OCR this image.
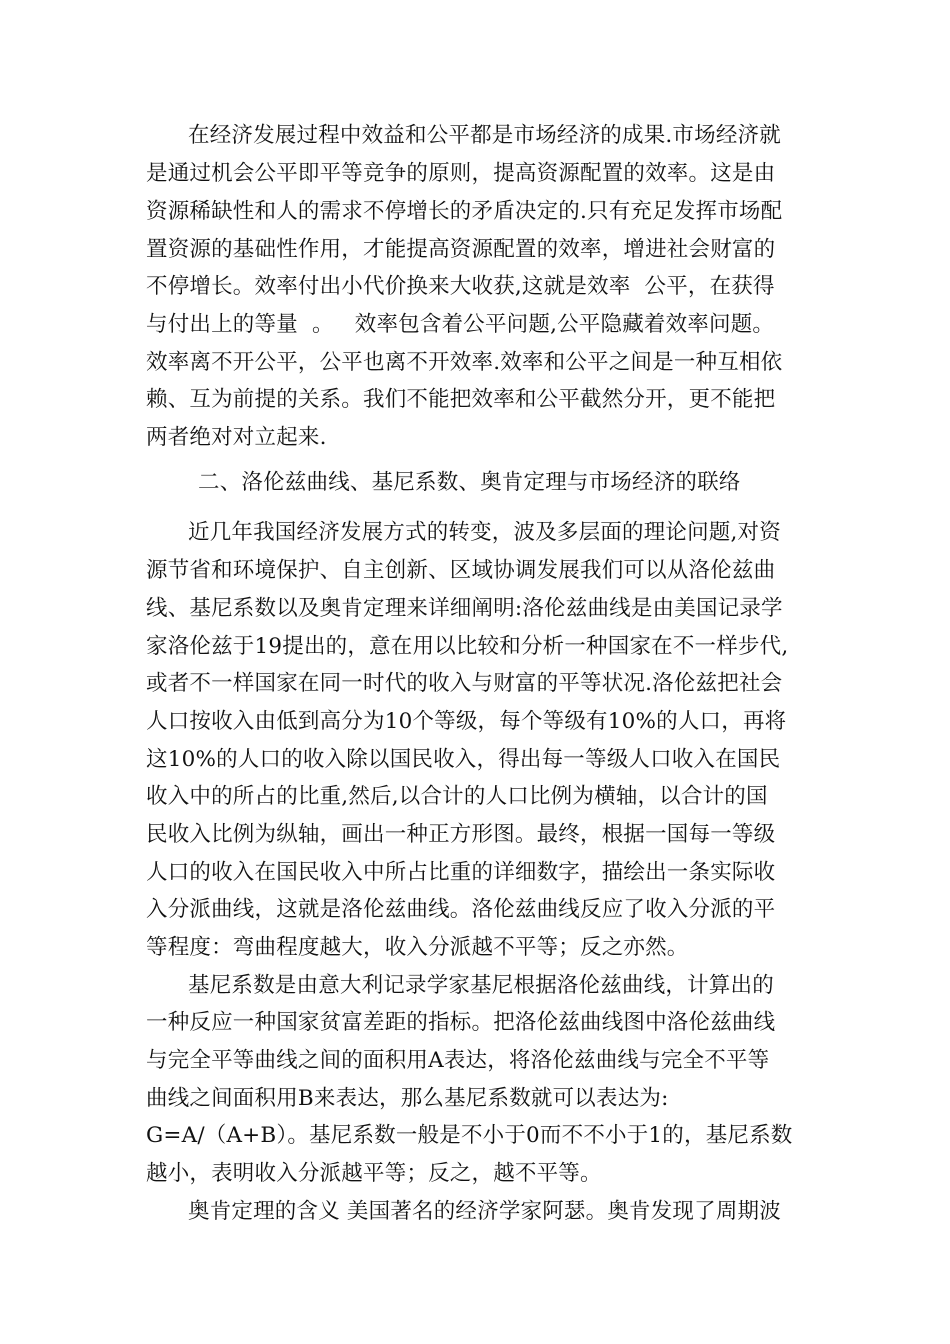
在经济发展过程中效益和公平都是市场经济的成果.市场经济就
是通过机会公平即平等竞争的原则，提高资源配置的效率。这是由
资源稀缺性和人的需求不停增长的矛盾决定的.只有充足发挥市场配
置资源的基础性作用，才能提高资源配置的效率，增进社会财富的
不停增长。效率付出小代价换来大收获,这就是效率  公平，在获得
与付出上的等量  。   效率包含着公平问题,公平隐藏着效率问题。
效率离不开公平，公平也离不开效率.效率和公平之间是一种互相依
赖、互为前提的关系。我们不能把效率和公平截然分开，更不能把
两者绝对对立起来.
二、洛伦兹曲线、基尼系数、奥肯定理与市场经济的联络
近几年我国经济发展方式的转变，波及多层面的理论问题,对资
源节省和环境保护、自主创新、区域协调发展我们可以从洛伦兹曲
线、基尼系数以及奥肯定理来详细阐明:洛伦兹曲线是由美国记录学
家洛伦兹于19提出的，意在用以比较和分析一种国家在不一样步代,
或者不一样国家在同一时代的收入与财富的平等状况.洛伦兹把社会
人口按收入由低到高分为10个等级，每个等级有10%的人口，再将
这10%的人口的收入除以国民收入，得出每一等级人口收入在国民
收入中的所占的比重,然后,以合计的人口比例为横轴，以合计的国
民收入比例为纵轴，画出一种正方形图。最终，根据一国每一等级
人口的收入在国民收入中所占比重的详细数字，描绘出一条实际收
入分派曲线，这就是洛伦兹曲线。洛伦兹曲线反应了收入分派的平
等程度：弯曲程度越大，收入分派越不平等；反之亦然。
基尼系数是由意大利记录学家基尼根据洛伦兹曲线，计算出的
一种反应一种国家贫富差距的指标。把洛伦兹曲线图中洛伦兹曲线
与完全平等曲线之间的面积用A表达，将洛伦兹曲线与完全不平等
曲线之间面积用B来表达，那么基尼系数就可以表达为:
G=A/（A+B）。基尼系数一般是不小于0而不不小于1的，基尼系数
越小，表明收入分派越平等；反之，越不平等。
奥肯定理的含义 美国著名的经济学家阿瑟。奥肯发现了周期波
